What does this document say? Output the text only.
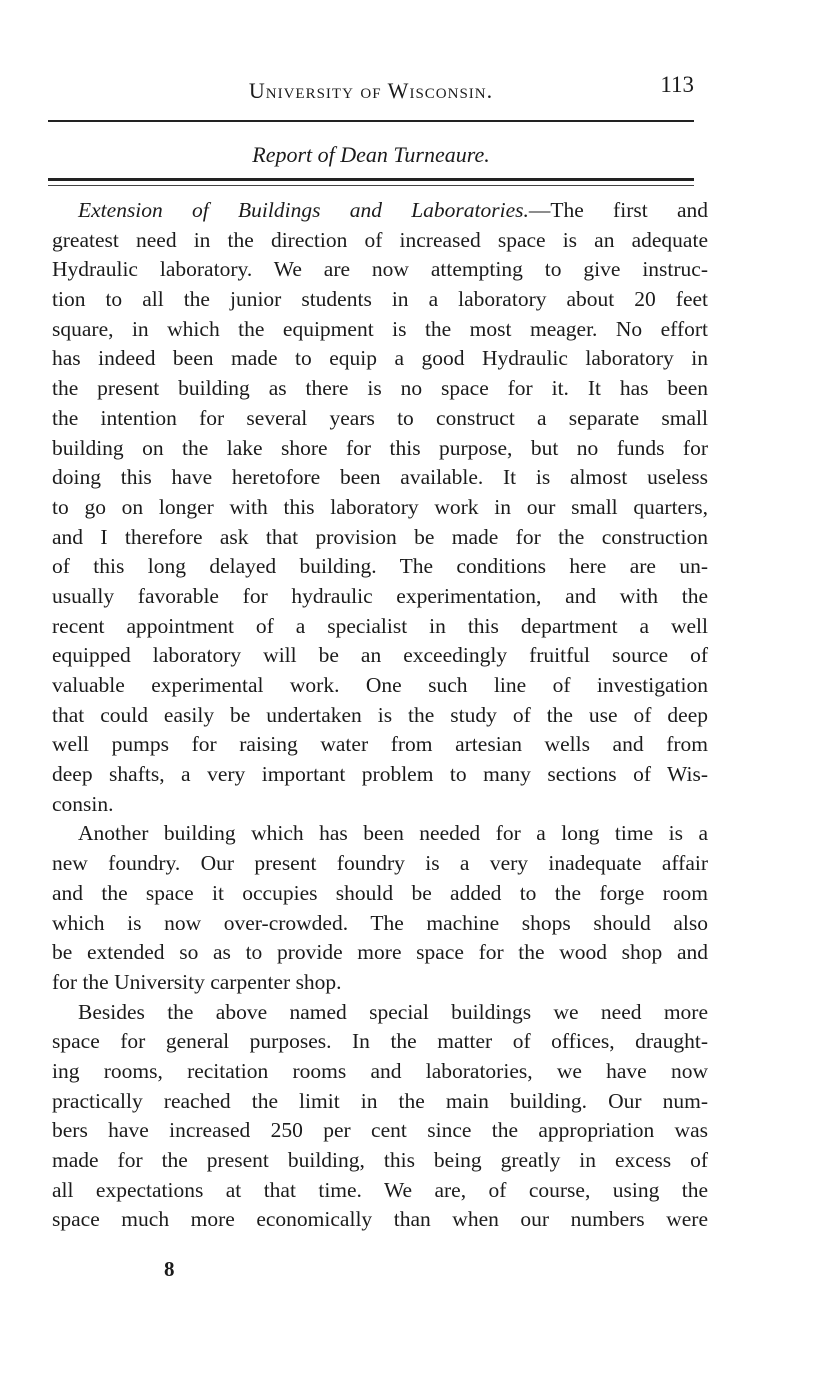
University of Wisconsin.	113
Report of Dean Turneaure.
Extension of Buildings and Laboratories.—The first and
greatest need in the direction of increased space is an adequate
Hydraulic laboratory. We are now attempting to give instruc-
tion to all the junior students in a laboratory about 20 feet
square, in which the equipment is the most meager. No effort
has indeed been made to equip a good Hydraulic laboratory in
the present building as there is no space for it. It has been
the intention for several years to construct a separate small
building on the lake shore for this purpose, but no funds for
doing this have heretofore been available. It is almost useless
to go on longer with this laboratory work in our small quarters,
and I therefore ask that provision be made for the construction
of this long delayed building. The conditions here are un-
usually favorable for hydraulic experimentation, and with the
recent appointment of a specialist in this department a well
equipped laboratory will be an exceedingly fruitful source of
valuable experimental work. One such line of investigation
that could easily be undertaken is the study of the use of deep
well pumps for raising water from artesian wells and from
deep shafts, a very important problem to many sections of Wis-
consin.
Another building which has been needed for a long time is a
new foundry. Our present foundry is a very inadequate affair
and the space it occupies should be added to the forge room
which is now over-crowded. The machine shops should also
be extended so as to provide more space for the wood shop and
for the University carpenter shop.
Besides the above named special buildings we need more
space for general purposes. In the matter of offices, draught-
ing rooms, recitation rooms and laboratories, we have now
practically reached the limit in the main building. Our num-
bers have increased 250 per cent since the appropriation was
made for the present building, this being greatly in excess of
all expectations at that time. We are, of course, using the
space much more economically than when our numbers were
8
